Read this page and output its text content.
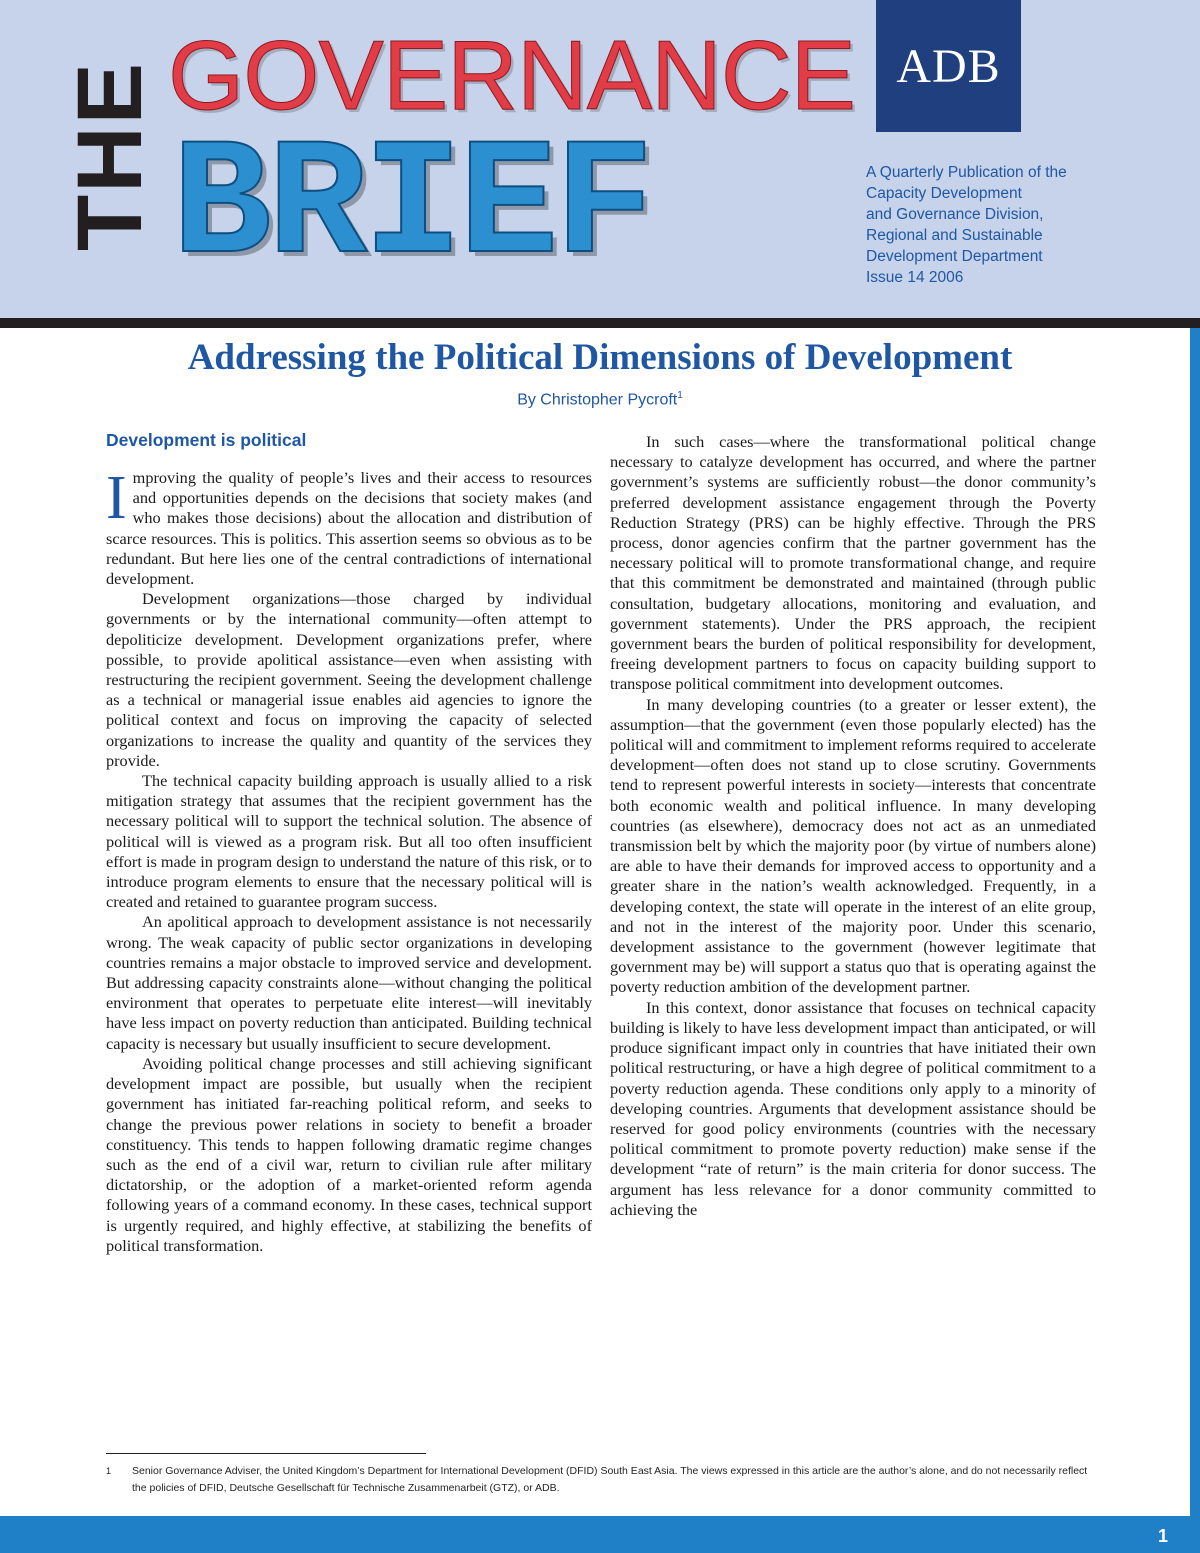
THE GOVERNANCE
BRIEF
ADB
A Quarterly Publication of the
Capacity Development
and Governance Division,
Regional and Sustainable
Development Department
Issue 14 2006
Addressing the Political Dimensions of Development
By Christopher Pycroft$^1$
Development is political

Improving the quality of people’s lives and their access to resources and opportunities depends on the decisions that society makes (and who makes those decisions) about the allocation and distribution of scarce resources. This is politics. This assertion seems so obvious as to be redundant. But here lies one of the central contradictions of international development.

Development organizations—those charged by individual governments or by the international community—often attempt to depoliticize development. Development organizations prefer, where possible, to provide apolitical assistance—even when assisting with restructuring the recipient government. Seeing the development challenge as a technical or managerial issue enables aid agencies to ignore the political context and focus on improving the capacity of selected organizations to increase the quality and quantity of the services they provide.

The technical capacity building approach is usually allied to a risk mitigation strategy that assumes that the recipient government has the necessary political will to support the technical solution. The absence of political will is viewed as a program risk. But all too often insufficient effort is made in program design to understand the nature of this risk, or to introduce program elements to ensure that the necessary political will is created and retained to guarantee program success.

An apolitical approach to development assistance is not necessarily wrong. The weak capacity of public sector organizations in developing countries remains a major obstacle to improved service and development. But addressing capacity constraints alone—without changing the political environment that operates to perpetuate elite interest—will inevitably have less impact on poverty reduction than anticipated. Building technical capacity is necessary but usually insufficient to secure development.

Avoiding political change processes and still achieving significant development impact are possible, but usually when the recipient government has initiated far-reaching political reform, and seeks to change the previous power relations in society to benefit a broader constituency. This tends to happen following dramatic regime changes such as the end of a civil war, return to civilian rule after military dictatorship, or the adoption of a market-oriented reform agenda following years of a command economy. In these cases, technical support is urgently required, and highly effective, at stabilizing the benefits of political transformation.

In such cases—where the transformational political change necessary to catalyze development has occurred, and where the partner government’s systems are sufficiently robust—the donor community’s preferred development assistance engagement through the Poverty Reduction Strategy (PRS) can be highly effective. Through the PRS process, donor agencies confirm that the partner government has the necessary political will to promote transformational change, and require that this commitment be demonstrated and maintained (through public consultation, budgetary allocations, monitoring and evaluation, and government statements). Under the PRS approach, the recipient government bears the burden of political responsibility for development, freeing development partners to focus on capacity building support to transpose political commitment into development outcomes.

In many developing countries (to a greater or lesser extent), the assumption—that the government (even those popularly elected) has the political will and commitment to implement reforms required to accelerate development—often does not stand up to close scrutiny. Governments tend to represent powerful interests in society—interests that concentrate both economic wealth and political influence. In many developing countries (as elsewhere), democracy does not act as an unmediated transmission belt by which the majority poor (by virtue of numbers alone) are able to have their demands for improved access to opportunity and a greater share in the nation’s wealth acknowledged. Frequently, in a developing context, the state will operate in the interest of an elite group, and not in the interest of the majority poor. Under this scenario, development assistance to the government (however legitimate that government may be) will support a status quo that is operating against the poverty reduction ambition of the development partner.

In this context, donor assistance that focuses on technical capacity building is likely to have less development impact than anticipated, or will produce significant impact only in countries that have initiated their own political restructuring, or have a high degree of political commitment to a poverty reduction agenda. These conditions only apply to a minority of developing countries. Arguments that development assistance should be reserved for good policy environments (countries with the necessary political commitment to promote poverty reduction) make sense if the development “rate of return” is the main criteria for donor success. The argument has less relevance for a donor community committed to achieving the

1 Senior Governance Adviser, the United Kingdom’s Department for International Development (DFID) South East Asia. The views expressed in this article are the author’s alone, and do not necessarily reflect the policies of DFID, Deutsche Gesellschaft für Technische Zusammenarbeit (GTZ), or ADB.
1
